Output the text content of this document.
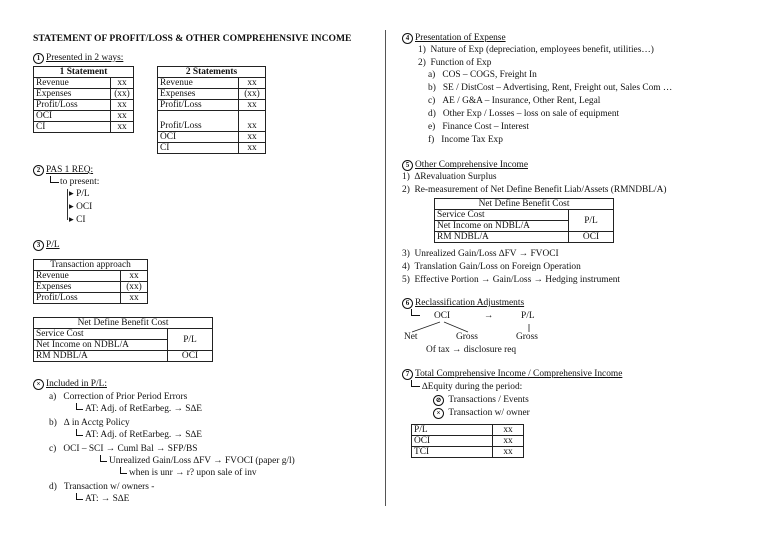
STATEMENT OF PROFIT/LOSS & OTHER COMPREHENSIVE INCOME
1 Presented in 2 ways:
1 Statement	
Revenue	xx
Expenses	(xx)
Profit/Loss	xx
OCI	xx
CI	xx
2 Statements	
Revenue	xx
Expenses	(xx)
Profit/Loss	xx

Profit/Loss	xx
OCI	xx
CI	xx
2 PAS 1 REQ:
to present:
▸ P/L
▸ OCI
▸ CI
3 P/L
Transaction approach	
Revenue	xx
Expenses	(xx)
Profit/Loss	xx
Net Define Benefit Cost	
Service Cost	P/L
Net Income on NDBL/A	
RM NDBL/A	OCI
× Included in P/L:
a) Correction of Prior Period Errors
AT: Adj. of RetEarbeg. → S∆E
b) ∆ in Acctg Policy
AT: Adj. of RetEarbeg. → S∆E
c) OCI – SCI → Cuml Bal → SFP/BS
Unrealized Gain/Loss ∆FV → FVOCI (paper g/l)
when is unr → r? upon sale of inv
d) Transaction w/ owners -
AT: → S∆E
4 Presentation of Expense
1) Nature of Exp (depreciation, employees benefit, utilities…)
2) Function of Exp
a) COS – COGS, Freight In
b) SE / DistCost – Advertising, Rent, Freight out, Sales Com …
c) AE / G&A – Insurance, Other Rent, Legal
d) Other Exp / Losses – loss on sale of equipment
e) Finance Cost – Interest
f) Income Tax Exp
5 Other Comprehensive Income
1) ∆Revaluation Surplus
2) Re-measurement of Net Define Benefit Liab/Assets (RMNDBL/A)
Net Define Benefit Cost	
Service Cost	P/L
Net Income on NDBL/A	
RM NDBL/A	OCI
3) Unrealized Gain/Loss ∆FV → FVOCI
4) Translation Gain/Loss on Foreign Operation
5) Effective Portion → Gain/Loss → Hedging instrument
6 Reclassification Adjustments
OCI	→	P/L
Net	Gross	Gross
Of tax → disclosure req
7 Total Comprehensive Income / Comprehensive Income
∆Equity during the period:
⊘ Transactions / Events
× Transaction w/ owner
P/L	xx
OCI	xx
TCI	xx
